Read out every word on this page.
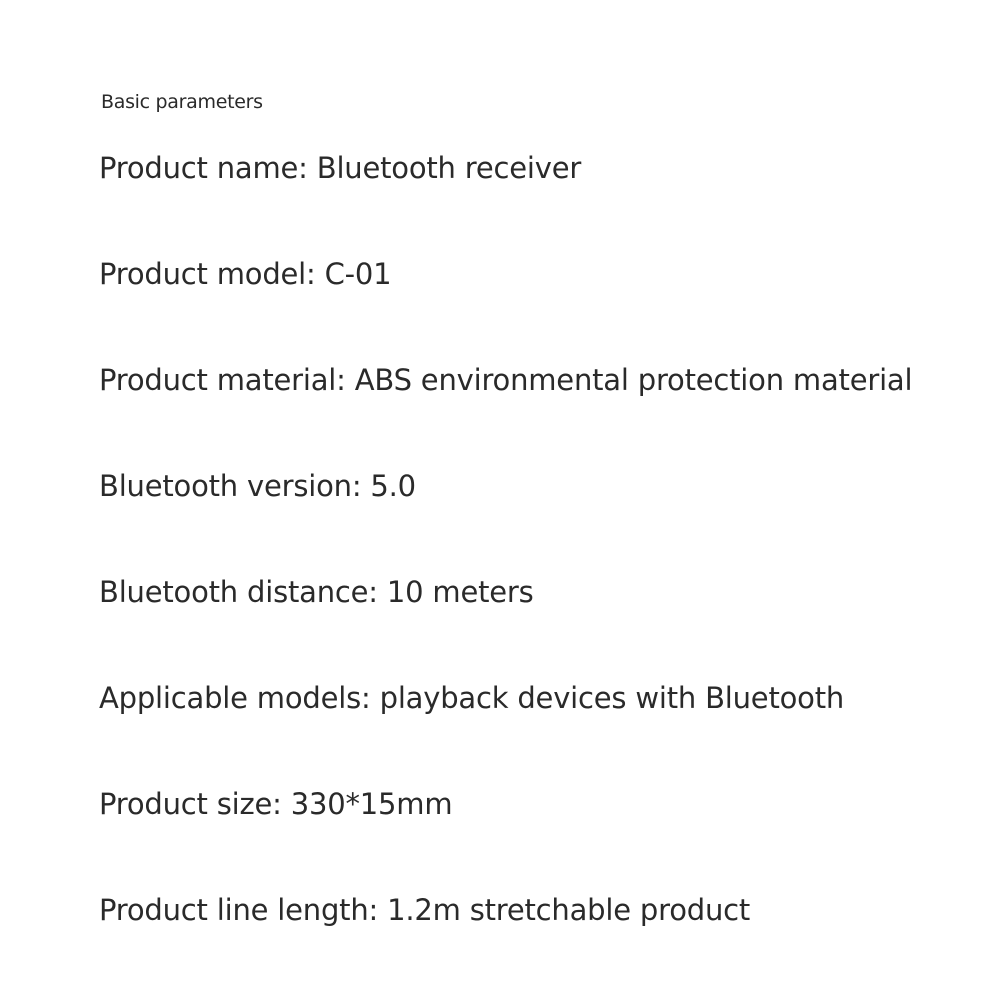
Basic parameters
Product name: Bluetooth receiver
Product model: C-01
Product material: ABS environmental protection material
Bluetooth version: 5.0
Bluetooth distance: 10 meters
Applicable models: playback devices with Bluetooth
Product size: 330*15mm
Product line length: 1.2m stretchable product
